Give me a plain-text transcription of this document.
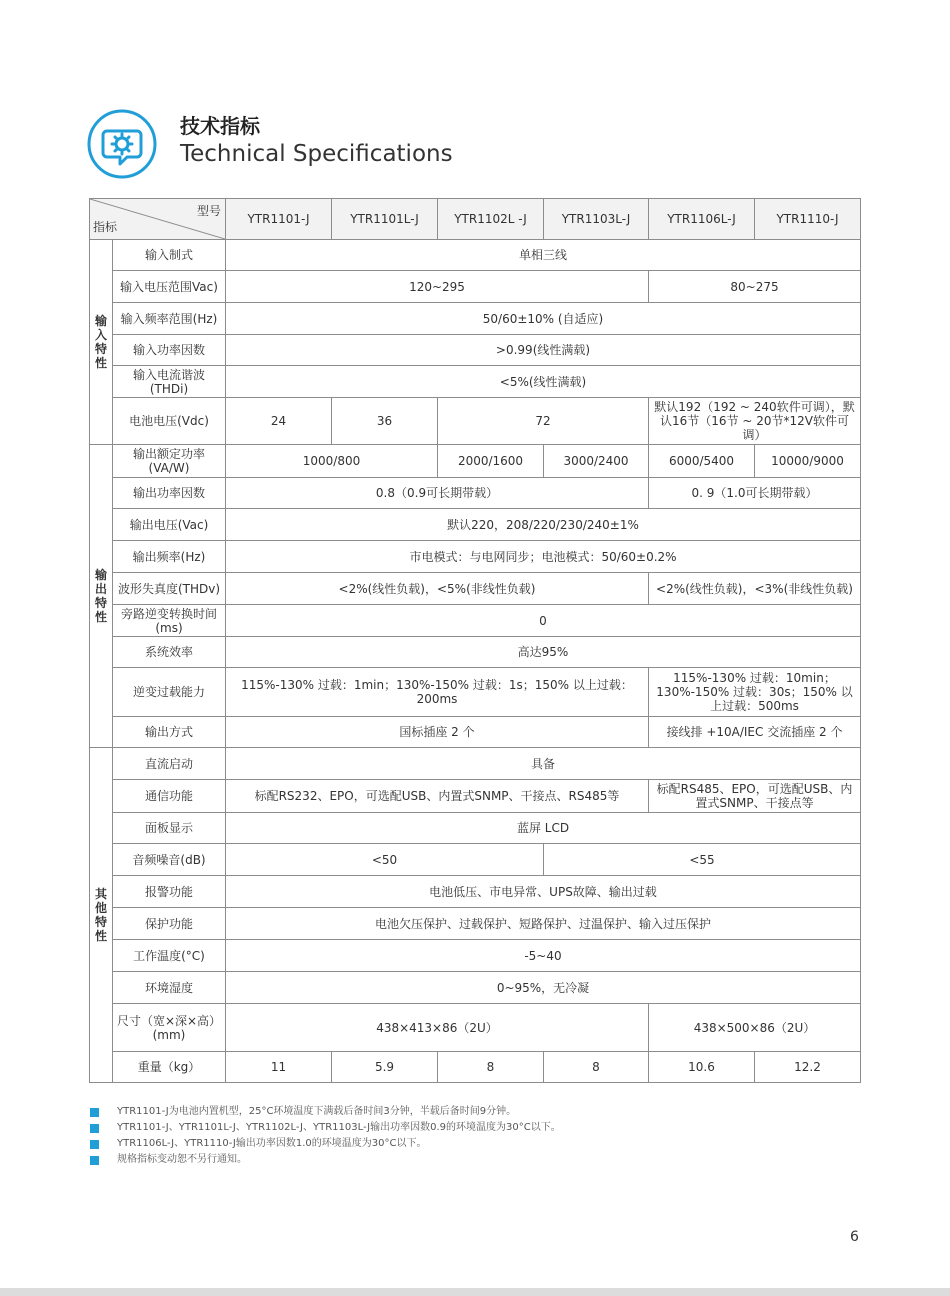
技术指标
Technical Specifications
型号
指标		YTR1101-J	YTR1101L-J	YTR1102L -J	YTR1103L-J	YTR1106L-J	YTR1110-J
输入特性	输入制式	单相三线					
	输入电压范围Vac)	120~295				80~275	
	输入频率范围(Hz)	50/60±10% (自适应)					
	输入功率因数	>0.99(线性满载)					
	输入电流谐波(THDi)	<5%(线性满载)					
	电池电压(Vdc)	24	36	72		默认192（192 ~ 240软件可调），默认16节（16节 ~ 20节*12V软件可调）	
输出特性	输出额定功率(VA/W)	1000/800		2000/1600	3000/2400	6000/5400	10000/9000
	输出功率因数	0.8（0.9可长期带载）				0. 9（1.0可长期带载）	
	输出电压(Vac)	默认220，208/220/230/240±1%					
	输出频率(Hz)	市电模式：与电网同步；电池模式：50/60±0.2%					
	波形失真度(THDv)	<2%(线性负载)，<5%(非线性负载)				<2%(线性负载)，<3%(非线性负载)	
	旁路逆变转换时间(ms)	0					
	系统效率	高达95%					
	逆变过载能力	115%-130% 过载：1min；130%-150% 过载：1s；150% 以上过载：200ms				115%-130% 过载：10min；130%-150% 过载：30s；150% 以上过载：500ms	
	输出方式	国标插座 2 个				接线排 +10A/IEC 交流插座 2 个	
其他特性	直流启动	具备					
	通信功能	标配RS232、EPO，可选配USB、内置式SNMP、干接点、RS485等				标配RS485、EPO，可选配USB、内置式SNMP、干接点等	
	面板显示	蓝屏 LCD					
	音频噪音(dB)	<50			<55		
	报警功能	电池低压、市电异常、UPS故障、输出过载					
	保护功能	电池欠压保护、过载保护、短路保护、过温保护、输入过压保护					
	工作温度(°C)	-5~40					
	环境湿度	0~95%，无冷凝					
	尺寸（宽×深×高）(mm)	438×413×86（2U）				438×500×86（2U）	
	重量（kg）	11	5.9	8	8	10.6	12.2
YTR1101-J为电池内置机型，25°C环境温度下满载后备时间3分钟，半载后备时间9分钟。
YTR1101-J、YTR1101L-J、YTR1102L-J、YTR1103L-J输出功率因数0.9的环境温度为30°C以下。
YTR1106L-J、YTR1110-J输出功率因数1.0的环境温度为30°C以下。
规格指标变动恕不另行通知。
6
